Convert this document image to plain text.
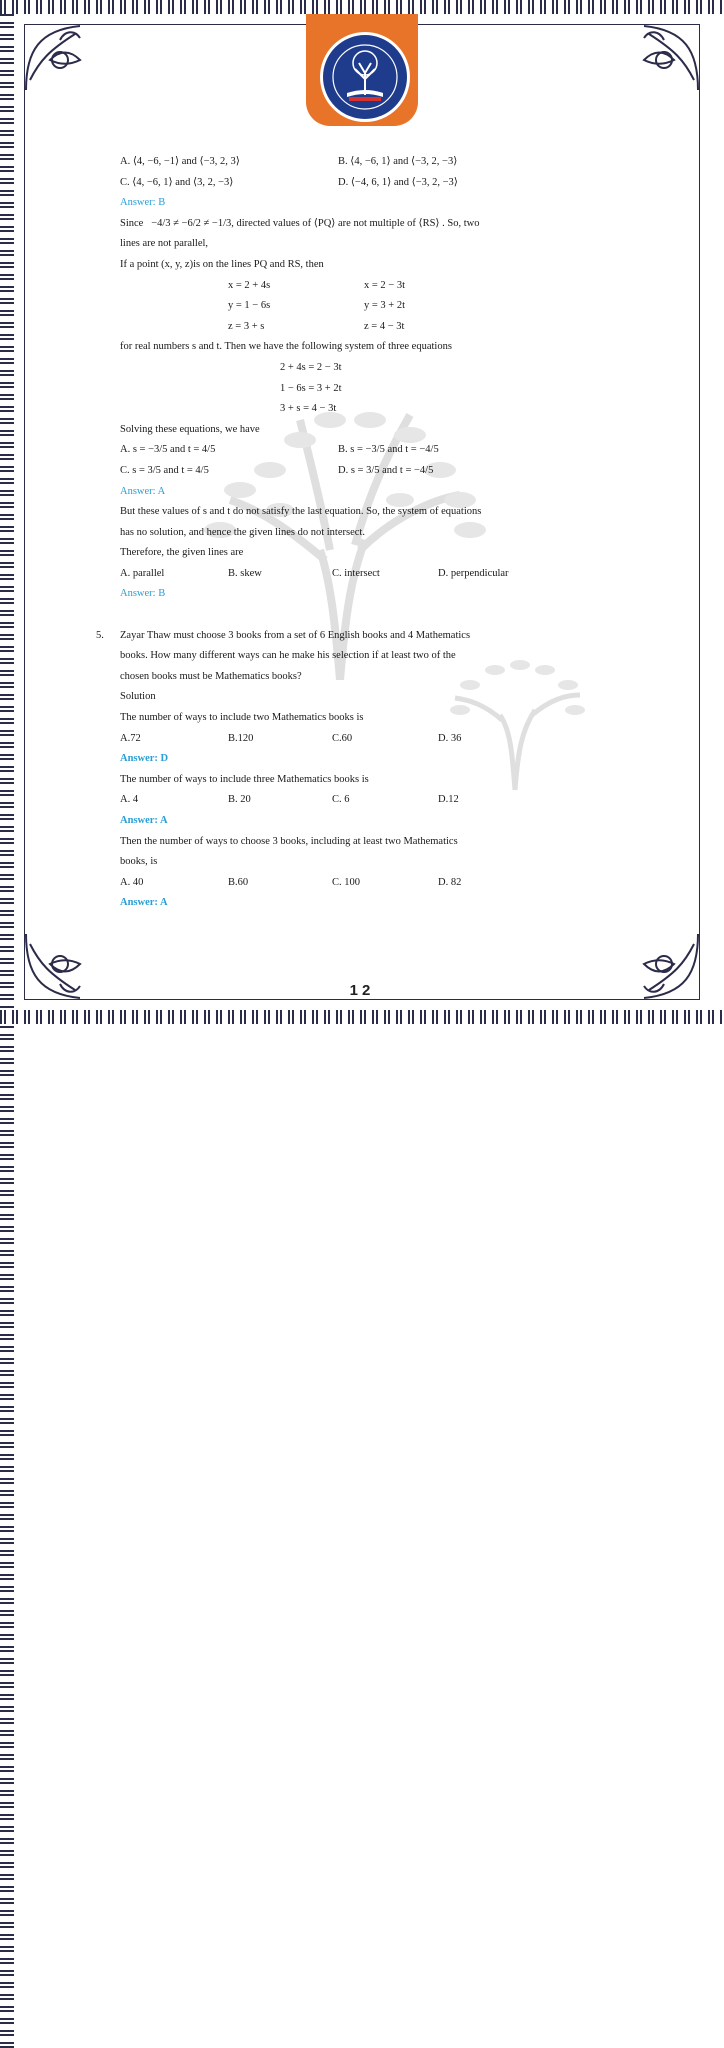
A. ⟨4, −6, −1⟩ and ⟨−3, 2, 3⟩	B. ⟨4, −6, 1⟩ and ⟨−3, 2, −3⟩
C. ⟨4, −6, 1⟩ and ⟨3, 2, −3⟩	D. ⟨−4, 6, 1⟩ and ⟨−3, 2, −3⟩
Answer: B
Since −4/3 ≠ −6/2 ≠ −1/3, directed values of ⟨PQ⟩ are not multiple of ⟨RS⟩ . So, two
lines are not parallel,
If a point (x, y, z)is on the lines PQ and RS, then
x = 2 + 4s	x = 2 − 3t
y = 1 − 6s	y = 3 + 2t
z = 3 + s	z = 4 − 3t
for real numbers s and t. Then we have the following system of three equations
2 + 4s = 2 − 3t
1 − 6s = 3 + 2t
3 + s = 4 − 3t
Solving these equations, we have
A. s = −3/5 and t = 4/5	B. s = −3/5 and t = −4/5
C. s = 3/5 and t = 4/5	D. s = 3/5 and t = −4/5
Answer: A
But these values of s and t do not satisfy the last equation. So, the system of equations
has no solution, and hence the given lines do not intersect.
Therefore, the given lines are
A. parallel	B. skew	C. intersect	D. perpendicular
Answer: B
5. Zayar Thaw must choose 3 books from a set of 6 English books and 4 Mathematics
books. How many different ways can he make his selection if at least two of the
chosen books must be Mathematics books?
Solution
The number of ways to include two Mathematics books is
A.72	B.120	C.60	D. 36
Answer: D
The number of ways to include three Mathematics books is
A. 4	B. 20	C. 6	D.12
Answer: A
Then the number of ways to choose 3 books, including at least two Mathematics
books, is
A. 40	B.60	C. 100	D. 82
Answer: A
12
